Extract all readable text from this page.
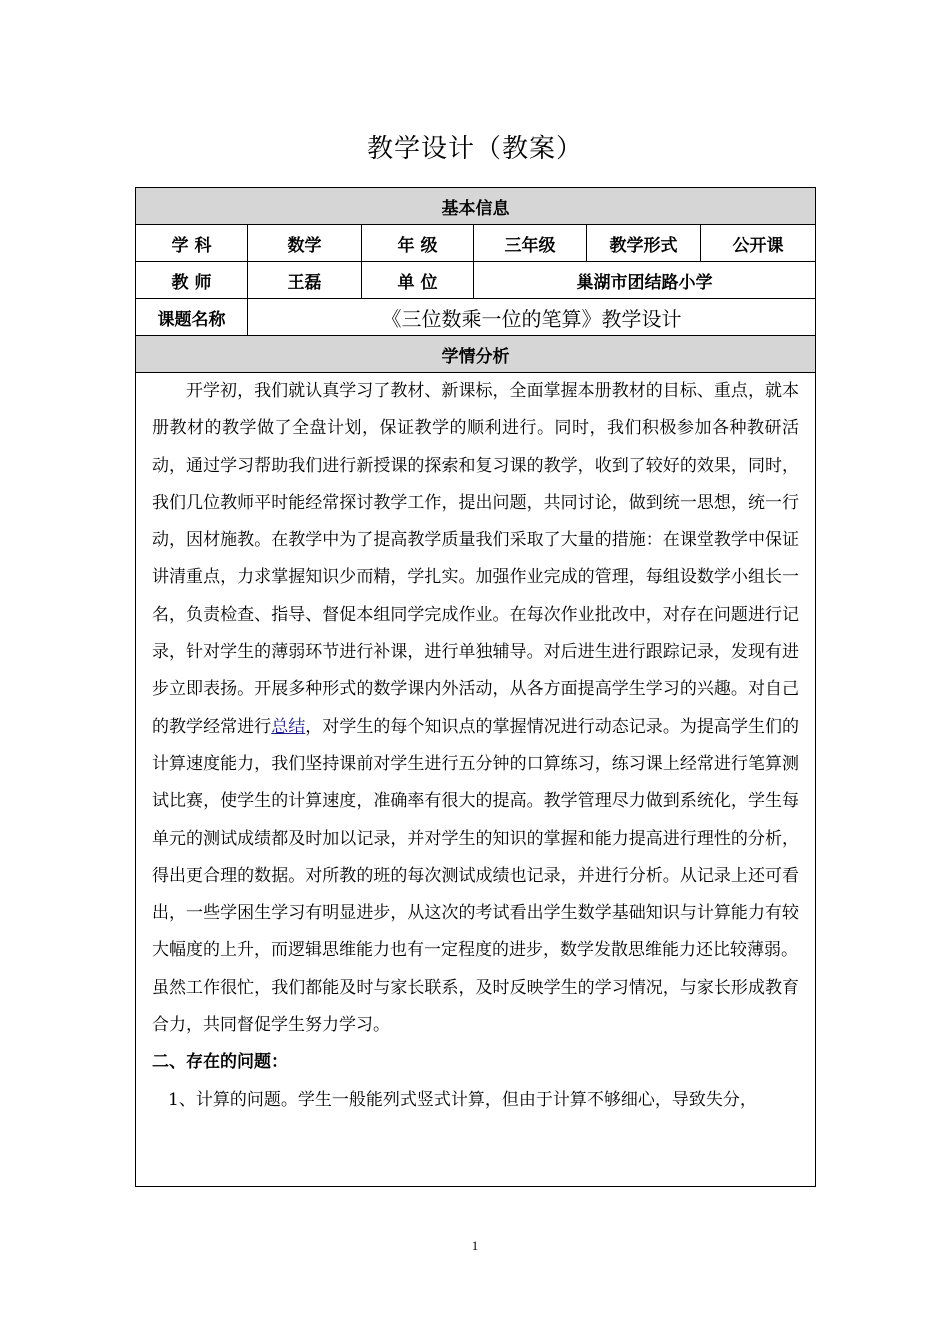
教学设计（教案）
基本信息					
学 科	数学	年 级	三年级	教学形式	公开课
教 师	王磊	单 位	巢湖市团结路小学		
课题名称	《三位数乘一位的笔算》教学设计				
学情分析					

开学初，我们就认真学习了教材、新课标，全面掌握本册教材的目标、重点，就本册教材的教学做了全盘计划，保证教学的顺利进行。同时，我们积极参加各种教研活动，通过学习帮助我们进行新授课的探索和复习课的教学，收到了较好的效果，同时，我们几位教师平时能经常探讨教学工作，提出问题，共同讨论，做到统一思想，统一行动，因材施教。在教学中为了提高教学质量我们采取了大量的措施：在课堂教学中保证讲清重点，力求掌握知识少而精，学扎实。加强作业完成的管理，每组设数学小组长一名，负责检查、指导、督促本组同学完成作业。在每次作业批改中，对存在问题进行记录，针对学生的薄弱环节进行补课，进行单独辅导。对后进生进行跟踪记录，发现有进步立即表扬。开展多种形式的数学课内外活动，从各方面提高学生学习的兴趣。对自己的教学经常进行总结，对学生的每个知识点的掌握情况进行动态记录。为提高学生们的计算速度能力，我们坚持课前对学生进行五分钟的口算练习，练习课上经常进行笔算测试比赛，使学生的计算速度，准确率有很大的提高。教学管理尽力做到系统化，学生每单元的测试成绩都及时加以记录，并对学生的知识的掌握和能力提高进行理性的分析，得出更合理的数据。对所教的班的每次测试成绩也记录，并进行分析。从记录上还可看出，一些学困生学习有明显进步，从这次的考试看出学生数学基础知识与计算能力有较大幅度的上升，而逻辑思维能力也有一定程度的进步，数学发散思维能力还比较薄弱。

虽然工作很忙，我们都能及时与家长联系，及时反映学生的学习情况，与家长形成教育合力，共同督促学生努力学习。

二、存在的问题：

1、计算的问题。学生一般能列式竖式计算，但由于计算不够细心，导致失分，					

1
